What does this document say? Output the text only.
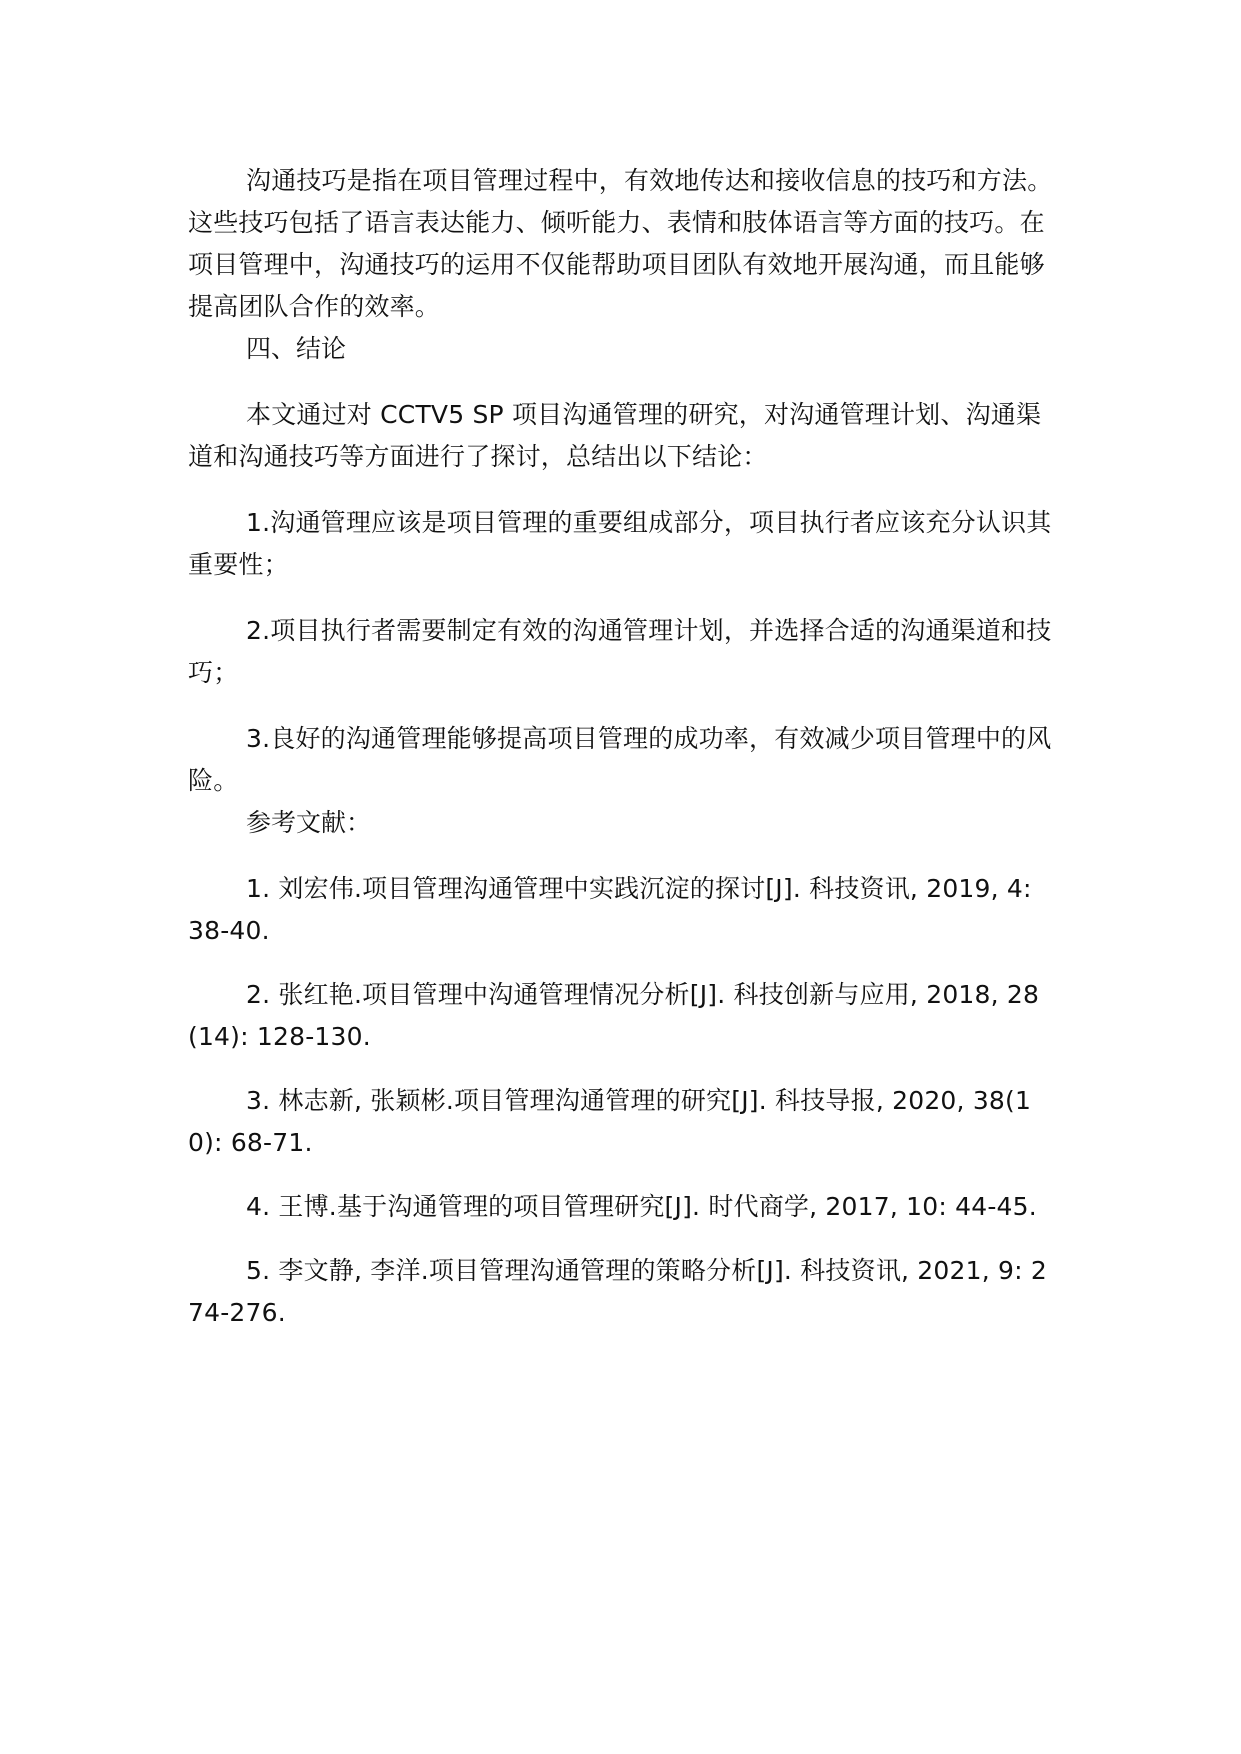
沟通技巧是指在项目管理过程中，有效地传达和接收信息的技巧和方法。这些技巧包括了语言表达能力、倾听能力、表情和肢体语言等方面的技巧。在项目管理中，沟通技巧的运用不仅能帮助项目团队有效地开展沟通，而且能够提高团队合作的效率。

四、结论

本文通过对 CCTV5 SP 项目沟通管理的研究，对沟通管理计划、沟通渠道和沟通技巧等方面进行了探讨，总结出以下结论：

1.沟通管理应该是项目管理的重要组成部分，项目执行者应该充分认识其重要性；

2.项目执行者需要制定有效的沟通管理计划，并选择合适的沟通渠道和技巧；

3.良好的沟通管理能够提高项目管理的成功率，有效减少项目管理中的风险。

参考文献：

1. 刘宏伟.项目管理沟通管理中实践沉淀的探讨[J]. 科技资讯, 2019, 4: 38-40.

2. 张红艳.项目管理中沟通管理情况分析[J]. 科技创新与应用, 2018, 28(14): 128-130.

3. 林志新, 张颖彬.项目管理沟通管理的研究[J]. 科技导报, 2020, 38(10): 68-71.

4. 王博.基于沟通管理的项目管理研究[J]. 时代商学, 2017, 10: 44-45.

5. 李文静, 李洋.项目管理沟通管理的策略分析[J]. 科技资讯, 2021, 9: 274-276.
